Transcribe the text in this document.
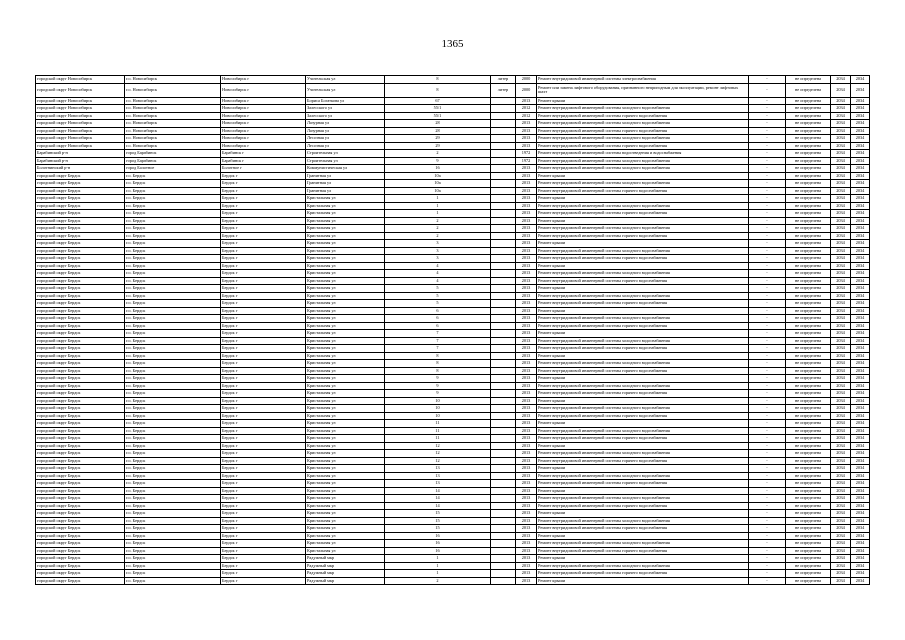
1365
городской округ Новосибирск	г.о. Новосибирск	Новосибирск г	Учительская ул	8	литер	2000	Ремонт внутридомовой инженерной системы электроснабжения	-	не определена	2034	2034
городской округ Новосибирск	г.о. Новосибирск	Новосибирск г	Учительская ул	8	литер	2000	Ремонт или замена лифтового оборудования, признанного непригодным для эксплуатации, ремонт лифтовых шахт	-	не определена	2034	2034
городской округ Новосибирск	г.о. Новосибирск	Новосибирск г	Бориса Богаткова ул	67		2013	Ремонт крыши	-	не определена	2034	2034
городской округ Новосибирск	г.о. Новосибирск	Новосибирск г	Залесского ул	55/1		2012	Ремонт внутридомовой инженерной системы холодного водоснабжения	-	не определена	2034	2034
городской округ Новосибирск	г.о. Новосибирск	Новосибирск г	Залесского ул	55/1		2012	Ремонт внутридомовой инженерной системы горячего водоснабжения	-	не определена	2034	2034
городской округ Новосибирск	г.о. Новосибирск	Новосибирск г	Лазурная ул	28		2013	Ремонт внутридомовой инженерной системы холодного водоснабжения	-	не определена	2034	2034
городской округ Новосибирск	г.о. Новосибирск	Новосибирск г	Лазурная ул	28		2013	Ремонт внутридомовой инженерной системы горячего водоснабжения	-	не определена	2034	2034
городской округ Новосибирск	г.о. Новосибирск	Новосибирск г	Лесозная ул	29		2013	Ремонт внутридомовой инженерной системы холодного водоснабжения	-	не определена	2034	2034
городской округ Новосибирск	г.о. Новосибирск	Новосибирск г	Лесозная ул	29		2013	Ремонт внутридомовой инженерной системы горячего водоснабжения	-	не определена	2034	2034
Барабинский р-н	город Барабинск	Барабинск г	Строительная ул	2		1972	Ремонт внутридомовой инженерной системы водоотведения и водоснабжения	-	не определена	2034	2034
Барабинский р-н	город Барабинск	Барабинск г	Строительная ул	9		1972	Ремонт внутридомовой инженерной системы холодного водоснабжения	-	не определена	2034	2034
Болотнинский р-н	город Болотное	Болотное г	Коммунистическая ул	16		2013	Ремонт внутридомовой инженерной системы холодного водоснабжения	-	не определена	2034	2034
городской округ Бердск	г.о. Бердск	Бердск г	Гранитная ул	10а		2013	Ремонт крыши	-	не определена	2034	2034
городской округ Бердск	г.о. Бердск	Бердск г	Гранитная ул	10а		2013	Ремонт внутридомовой инженерной системы холодного водоснабжения	-	не определена	2034	2034
городской округ Бердск	г.о. Бердск	Бердск г	Гранитная ул	10а		2013	Ремонт внутридомовой инженерной системы горячего водоснабжения	-	не определена	2034	2034
городской округ Бердск	г.о. Бердск	Бердск г	Кристальная ул	1		2013	Ремонт крыши	-	не определена	2034	2034
городской округ Бердск	г.о. Бердск	Бердск г	Кристальная ул	1		2013	Ремонт внутридомовой инженерной системы холодного водоснабжения	-	не определена	2034	2034
городской округ Бердск	г.о. Бердск	Бердск г	Кристальная ул	1		2013	Ремонт внутридомовой инженерной системы горячего водоснабжения	-	не определена	2034	2034
городской округ Бердск	г.о. Бердск	Бердск г	Кристальная ул	2		2013	Ремонт крыши	-	не определена	2034	2034
городской округ Бердск	г.о. Бердск	Бердск г	Кристальная ул	2		2013	Ремонт внутридомовой инженерной системы холодного водоснабжения	-	не определена	2034	2034
городской округ Бердск	г.о. Бердск	Бердск г	Кристальная ул	2		2013	Ремонт внутридомовой инженерной системы горячего водоснабжения	-	не определена	2034	2034
городской округ Бердск	г.о. Бердск	Бердск г	Кристальная ул	3		2013	Ремонт крыши	-	не определена	2034	2034
городской округ Бердск	г.о. Бердск	Бердск г	Кристальная ул	3		2013	Ремонт внутридомовой инженерной системы холодного водоснабжения	-	не определена	2034	2034
городской округ Бердск	г.о. Бердск	Бердск г	Кристальная ул	3		2013	Ремонт внутридомовой инженерной системы горячего водоснабжения	-	не определена	2034	2034
городской округ Бердск	г.о. Бердск	Бердск г	Кристальная ул	4		2013	Ремонт крыши	-	не определена	2034	2034
городской округ Бердск	г.о. Бердск	Бердск г	Кристальная ул	4		2013	Ремонт внутридомовой инженерной системы холодного водоснабжения	-	не определена	2034	2034
городской округ Бердск	г.о. Бердск	Бердск г	Кристальная ул	4		2013	Ремонт внутридомовой инженерной системы горячего водоснабжения	-	не определена	2034	2034
городской округ Бердск	г.о. Бердск	Бердск г	Кристальная ул	5		2013	Ремонт крыши	-	не определена	2034	2034
городской округ Бердск	г.о. Бердск	Бердск г	Кристальная ул	5		2013	Ремонт внутридомовой инженерной системы холодного водоснабжения	-	не определена	2034	2034
городской округ Бердск	г.о. Бердск	Бердск г	Кристальная ул	5		2013	Ремонт внутридомовой инженерной системы горячего водоснабжения	-	не определена	2034	2034
городской округ Бердск	г.о. Бердск	Бердск г	Кристальная ул	6		2013	Ремонт крыши	-	не определена	2034	2034
городской округ Бердск	г.о. Бердск	Бердск г	Кристальная ул	6		2013	Ремонт внутридомовой инженерной системы холодного водоснабжения	-	не определена	2034	2034
городской округ Бердск	г.о. Бердск	Бердск г	Кристальная ул	6		2013	Ремонт внутридомовой инженерной системы горячего водоснабжения	-	не определена	2034	2034
городской округ Бердск	г.о. Бердск	Бердск г	Кристальная ул	7		2013	Ремонт крыши	-	не определена	2034	2034
городской округ Бердск	г.о. Бердск	Бердск г	Кристальная ул	7		2013	Ремонт внутридомовой инженерной системы холодного водоснабжения	-	не определена	2034	2034
городской округ Бердск	г.о. Бердск	Бердск г	Кристальная ул	7		2013	Ремонт внутридомовой инженерной системы горячего водоснабжения	-	не определена	2034	2034
городской округ Бердск	г.о. Бердск	Бердск г	Кристальная ул	8		2013	Ремонт крыши	-	не определена	2034	2034
городской округ Бердск	г.о. Бердск	Бердск г	Кристальная ул	8		2013	Ремонт внутридомовой инженерной системы холодного водоснабжения	-	не определена	2034	2034
городской округ Бердск	г.о. Бердск	Бердск г	Кристальная ул	8		2013	Ремонт внутридомовой инженерной системы горячего водоснабжения	-	не определена	2034	2034
городской округ Бердск	г.о. Бердск	Бердск г	Кристальная ул	9		2013	Ремонт крыши	-	не определена	2034	2034
городской округ Бердск	г.о. Бердск	Бердск г	Кристальная ул	9		2013	Ремонт внутридомовой инженерной системы холодного водоснабжения	-	не определена	2034	2034
городской округ Бердск	г.о. Бердск	Бердск г	Кристальная ул	9		2013	Ремонт внутридомовой инженерной системы горячего водоснабжения	-	не определена	2034	2034
городской округ Бердск	г.о. Бердск	Бердск г	Кристальная ул	10		2013	Ремонт крыши	-	не определена	2034	2034
городской округ Бердск	г.о. Бердск	Бердск г	Кристальная ул	10		2013	Ремонт внутридомовой инженерной системы холодного водоснабжения	-	не определена	2034	2034
городской округ Бердск	г.о. Бердск	Бердск г	Кристальная ул	10		2013	Ремонт внутридомовой инженерной системы горячего водоснабжения	-	не определена	2034	2034
городской округ Бердск	г.о. Бердск	Бердск г	Кристальная ул	11		2013	Ремонт крыши	-	не определена	2034	2034
городской округ Бердск	г.о. Бердск	Бердск г	Кристальная ул	11		2013	Ремонт внутридомовой инженерной системы холодного водоснабжения	-	не определена	2034	2034
городской округ Бердск	г.о. Бердск	Бердск г	Кристальная ул	11		2013	Ремонт внутридомовой инженерной системы горячего водоснабжения	-	не определена	2034	2034
городской округ Бердск	г.о. Бердск	Бердск г	Кристальная ул	12		2013	Ремонт крыши	-	не определена	2034	2034
городской округ Бердск	г.о. Бердск	Бердск г	Кристальная ул	12		2013	Ремонт внутридомовой инженерной системы холодного водоснабжения	-	не определена	2034	2034
городской округ Бердск	г.о. Бердск	Бердск г	Кристальная ул	12		2013	Ремонт внутридомовой инженерной системы горячего водоснабжения	-	не определена	2034	2034
городской округ Бердск	г.о. Бердск	Бердск г	Кристальная ул	13		2013	Ремонт крыши	-	не определена	2034	2034
городской округ Бердск	г.о. Бердск	Бердск г	Кристальная ул	13		2013	Ремонт внутридомовой инженерной системы холодного водоснабжения	-	не определена	2034	2034
городской округ Бердск	г.о. Бердск	Бердск г	Кристальная ул	13		2013	Ремонт внутридомовой инженерной системы горячего водоснабжения	-	не определена	2034	2034
городской округ Бердск	г.о. Бердск	Бердск г	Кристальная ул	14		2013	Ремонт крыши	-	не определена	2034	2034
городской округ Бердск	г.о. Бердск	Бердск г	Кристальная ул	14		2013	Ремонт внутридомовой инженерной системы холодного водоснабжения	-	не определена	2034	2034
городской округ Бердск	г.о. Бердск	Бердск г	Кристальная ул	14		2013	Ремонт внутридомовой инженерной системы горячего водоснабжения	-	не определена	2034	2034
городской округ Бердск	г.о. Бердск	Бердск г	Кристальная ул	15		2013	Ремонт крыши	-	не определена	2034	2034
городской округ Бердск	г.о. Бердск	Бердск г	Кристальная ул	15		2013	Ремонт внутридомовой инженерной системы холодного водоснабжения	-	не определена	2034	2034
городской округ Бердск	г.о. Бердск	Бердск г	Кристальная ул	15		2013	Ремонт внутридомовой инженерной системы горячего водоснабжения	-	не определена	2034	2034
городской округ Бердск	г.о. Бердск	Бердск г	Кристальная ул	16		2013	Ремонт крыши	-	не определена	2034	2034
городской округ Бердск	г.о. Бердск	Бердск г	Кристальная ул	16		2013	Ремонт внутридомовой инженерной системы холодного водоснабжения	-	не определена	2034	2034
городской округ Бердск	г.о. Бердск	Бердск г	Кристальная ул	16		2013	Ремонт внутридомовой инженерной системы горячего водоснабжения	-	не определена	2034	2034
городской округ Бердск	г.о. Бердск	Бердск г	Радужный мкр	1		2013	Ремонт крыши	-	не определена	2034	2034
городской округ Бердск	г.о. Бердск	Бердск г	Радужный мкр	1		2013	Ремонт внутридомовой инженерной системы холодного водоснабжения	-	не определена	2034	2034
городской округ Бердск	г.о. Бердск	Бердск г	Радужный мкр	1		2013	Ремонт внутридомовой инженерной системы горячего водоснабжения	-	не определена	2034	2034
городской округ Бердск	г.о. Бердск	Бердск г	Радужный мкр	2		2013	Ремонт крыши	-	не определена	2034	2034
